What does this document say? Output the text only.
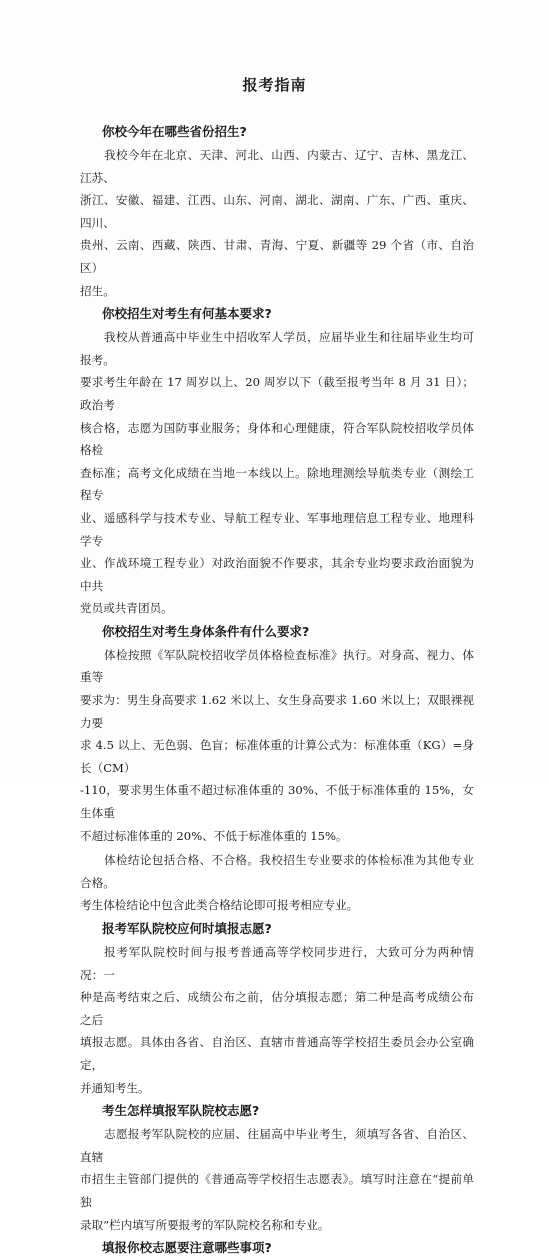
报考指南
你校今年在哪些省份招生?
我校今年在北京、天津、河北、山西、内蒙古、辽宁、吉林、黑龙江、江苏、
浙江、安徽、福建、江西、山东、河南、湖北、湖南、广东、广西、重庆、四川、
贵州、云南、西藏、陕西、甘肃、青海、宁夏、新疆等 29 个省（市、自治区）
招生。
你校招生对考生有何基本要求?
我校从普通高中毕业生中招收军人学员，应届毕业生和往届毕业生均可报考。
要求考生年龄在 17 周岁以上、20 周岁以下（截至报考当年 8 月 31 日）；政治考
核合格，志愿为国防事业服务；身体和心理健康，符合军队院校招收学员体格检
查标准；高考文化成绩在当地一本线以上。除地理测绘导航类专业（测绘工程专
业、遥感科学与技术专业、导航工程专业、军事地理信息工程专业、地理科学专
业、作战环境工程专业）对政治面貌不作要求，其余专业均要求政治面貌为中共
党员或共青团员。
你校招生对考生身体条件有什么要求?
体检按照《军队院校招收学员体格检查标准》执行。对身高、视力、体重等
要求为：男生身高要求 1.62 米以上、女生身高要求 1.60 米以上；双眼裸视力要
求 4.5 以上、无色弱、色盲；标准体重的计算公式为：标准体重（KG）=身长（CM）
-110，要求男生体重不超过标准体重的 30%、不低于标准体重的 15%，女生体重
不超过标准体重的 20%、不低于标准体重的 15%。
体检结论包括合格、不合格。我校招生专业要求的体检标准为其他专业合格。
考生体检结论中包含此类合格结论即可报考相应专业。
报考军队院校应何时填报志愿?
报考军队院校时间与报考普通高等学校同步进行，大致可分为两种情况：一
种是高考结束之后、成绩公布之前，估分填报志愿；第二种是高考成绩公布之后
填报志愿。具体由各省、自治区、直辖市普通高等学校招生委员会办公室确定，
并通知考生。
考生怎样填报军队院校志愿?
志愿报考军队院校的应届、往届高中毕业考生，须填写各省、自治区、直辖
市招生主管部门提供的《普通高等学校招生志愿表》。填写时注意在“提前单独
录取”栏内填写所要报考的军队院校名称和专业。
填报你校志愿要注意哪些事项?
